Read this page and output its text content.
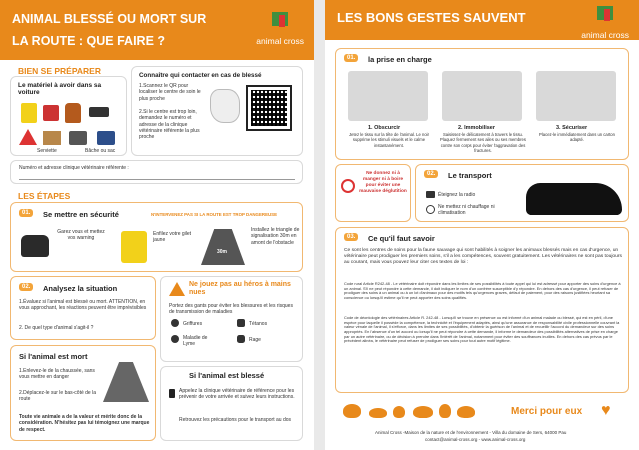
ANIMAL BLESSÉ OU MORT SUR
LA ROUTE : QUE FAIRE ?	animal cross
BIEN SE PRÉPARER
Le matériel à avoir dans sa voiture
Serviette	Bâche ou sac
Connaître qui contacter en cas de blessé
1.Scannez le QR pour localiser le centre de soin le plus proche
2.Si le centre est trop loin, demandez le numéro et adresse de la clinique vétérinaire référente la plus proche
Numéro et adresse clinique vétérinaire référente :
LES ÉTAPES
01.	Se mettre en sécurité	N'INTERVENEZ PAS SI LA ROUTE EST TROP DANGEREUSE
Garez vous et mettez vos warning
Enfilez votre gilet jaune
30m
Installez le triangle de signalisation 30m en amont de l'obstacle
02.	Analysez la situation
1.Évaluez si l'animal est blessé ou mort. ATTENTION, en vous approchant, les réactions peuvent être imprévisibles
2. De quel type d'animal s'agit-il ?
Ne jouez pas au héros à mains nues
Portez des gants pour éviter les blessures et les risques de transmission de maladies
Griffures	Tétanos
Maladie de Lyme
Rage
Si l'animal est mort
1.Enlevez-le de la chaussée, sans vous mettre en danger
2.Déplacez-le sur le bas-côté de la route
Toute vie animale a de la valeur et mérite donc de la considération. N'hésitez pas lui témoignez une marque de respect.
Si l'animal est blessé
Appelez la clinique vétérinaire de référence pour les prévenir de votre arrivée et suivez leurs instructions.
Retrouvez les précautions pour le transport au dos
LES BONS GESTES SAUVENT
animal cross
01.	la prise en charge
1. Obscurcir
Jetez le tissu sur la tête de l'animal. Le noir supprime les stimuli visuels et le calme instantanément.
2. Immobiliser
Saisissez-le délicatement à travers le tissu. Plaquez fermement ses ailes ou ses membres contre son corps pour éviter l'aggravation des fractures.
3. Sécuriser
Placez-le immédiatement dans un carton adapté.
Ne donnez ni à manger ni à boire pour éviter une mauvaise déglutition
02.	Le transport
Éteignez la radio
Ne mettez ni chauffage ni climatisation
03.	Ce qu'il faut savoir
Ce sont les centres de soins pour la faune sauvage qui sont habilités à soigner les animaux blessés mais en cas d'urgence, un vétérinaire peut prodiguer les premiers soins, s'il a les compétences, souvent gratuitement. Les vétérinaires ne sont pas toujours au courant, mais vous pouvez leur citer ces textes de loi :
Code rural Article R242-48 - Le vétérinaire doit répondre dans les limites de ses possibilités à toute appel qui lui est adressé pour apporter des soins d'urgence à un animal. S'il ne peut répondre à cette demande, il doit indiquer le nom d'un confrère susceptible d'y répondre. En dehors des cas d'urgence, il peut refuser de prodiguer des soins à un animal ou à un lot d'animaux pour des motifs tels qu'urgences graves, défaut de paiement, pour des raisons justifiées heurtant sa conscience ou lorsqu'il estime qu'il ne peut apporter des soins qualifiés.
Code de déontologie des vétérinaires Article R. 242-48 - Lorsqu'il se trouve en présence ou est informé d'un animal malade ou blessé, qui est en péril, d'une espèce pour laquelle il possède la compétence, la technicité et l'équipement adaptés, ainsi qu'une assurance de responsabilité civile professionnelle couvrant la valeur vénale de l'animal, il s'efforce, dans les limites de ses possibilités, d'obtenir la guérison de l'animal et de recueillir l'accord du demandeur sur des soins appropriés. En l'absence d'un tel accord ou lorsqu'il ne peut répondre à cette demande, il informe le demandeur des possibilités alternatives de prise en charge par un autre vétérinaire, ou de décision à prendre dans l'intérêt de l'animal, notamment pour éviter des souffrances inutiles. En dehors des cas prévus par le précédent alinéa, le vétérinaire peut refuser de prodiguer ses soins pour tout autre motif légitime.
Merci pour eux ♥
Animal Cross -Maison de la nature et de l'environnement - Villa du domaine de Sers, 64000 Pau
contact@animal-cross.org - www.animal-cross.org
